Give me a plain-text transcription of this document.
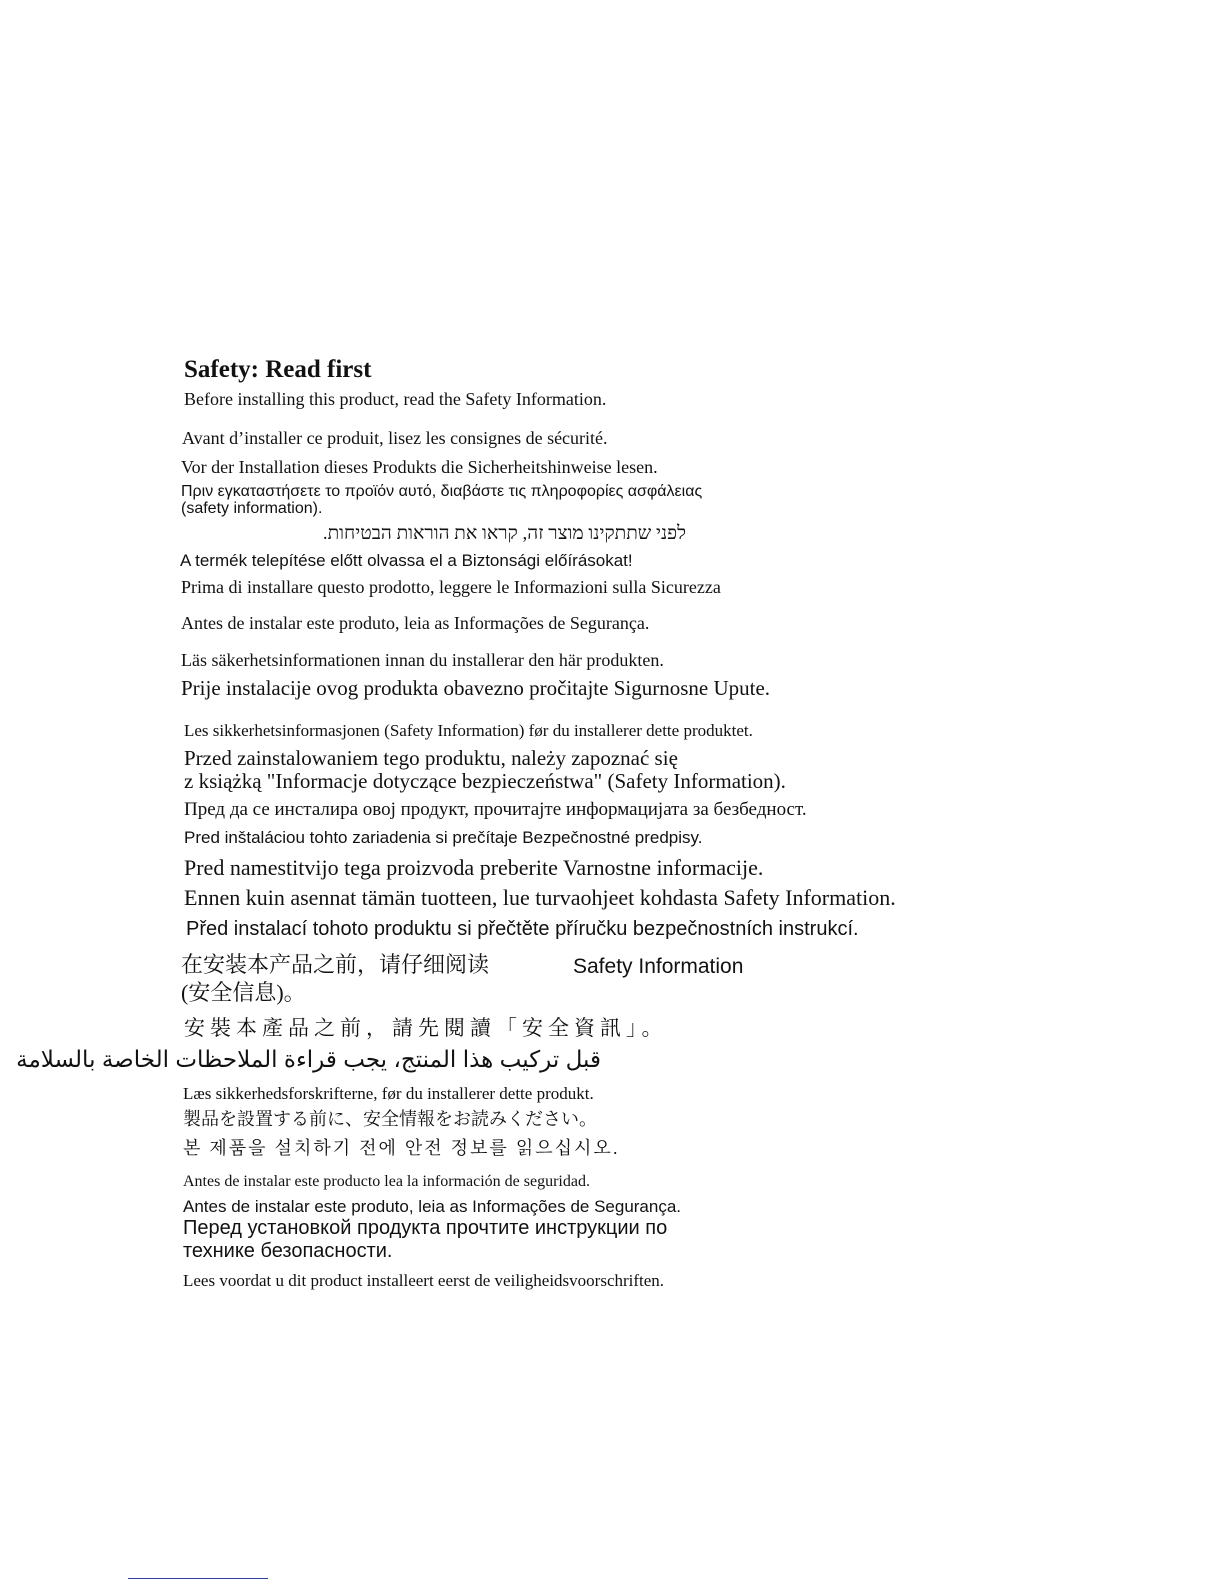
Safety: Read first
Before installing this product, read the Safety Information.
Avant d’installer ce produit, lisez les consignes de sécurité.
Vor der Installation dieses Produkts die Sicherheitshinweise lesen.
Πριν εγκαταστήσετε το προϊόν αυτό, διαβάστε τις πληροφορίες ασφάλειας
(safety information).
לפני שתתקינו מוצר זה, קראו את הוראות הבטיחות.
A termék telepítése előtt olvassa el a Biztonsági előírásokat!
Prima di installare questo prodotto, leggere le Informazioni sulla Sicurezza
Antes de instalar este produto, leia as Informações de Segurança.
Läs säkerhetsinformationen innan du installerar den här produkten.
Prije instalacije ovog produkta obavezno pročitajte Sigurnosne Upute.
Les sikkerhetsinformasjonen (Safety Information) før du installerer dette produktet.
Przed zainstalowaniem tego produktu, należy zapoznać się
z książką "Informacje dotyczące bezpieczeństwa" (Safety Information).
Пред да се инсталира овој продукт, прочитајте информацијата за безбедност.
Pred inštaláciou tohto zariadenia si prečítaje Bezpečnostné predpisy.
Pred namestitvijo tega proizvoda preberite Varnostne informacije.
Ennen kuin asennat tämän tuotteen, lue turvaohjeet kohdasta Safety Information.
Před instalací tohoto produktu si přečtěte příručku bezpečnostních instrukcí.
在安装本产品之前，请仔细阅读	Safety Information
(安全信息)。
安裝本產品之前，請先閱讀「安全資訊」。
قبل تركيب هذا المنتج، يجب قراءة الملاحظات الخاصة بالسلامة
Læs sikkerhedsforskrifterne, før du installerer dette produkt.
製品を設置する前に、安全情報をお読みください。
본 제품을 설치하기 전에 안전 정보를 읽으십시오.
Antes de instalar este producto lea la información de seguridad.
Antes de instalar este produto, leia as Informações de Segurança.
Перед установкой продукта прочтите инструкции по
технике безопасности.
Lees voordat u dit product installeert eerst de veiligheidsvoorschriften.
